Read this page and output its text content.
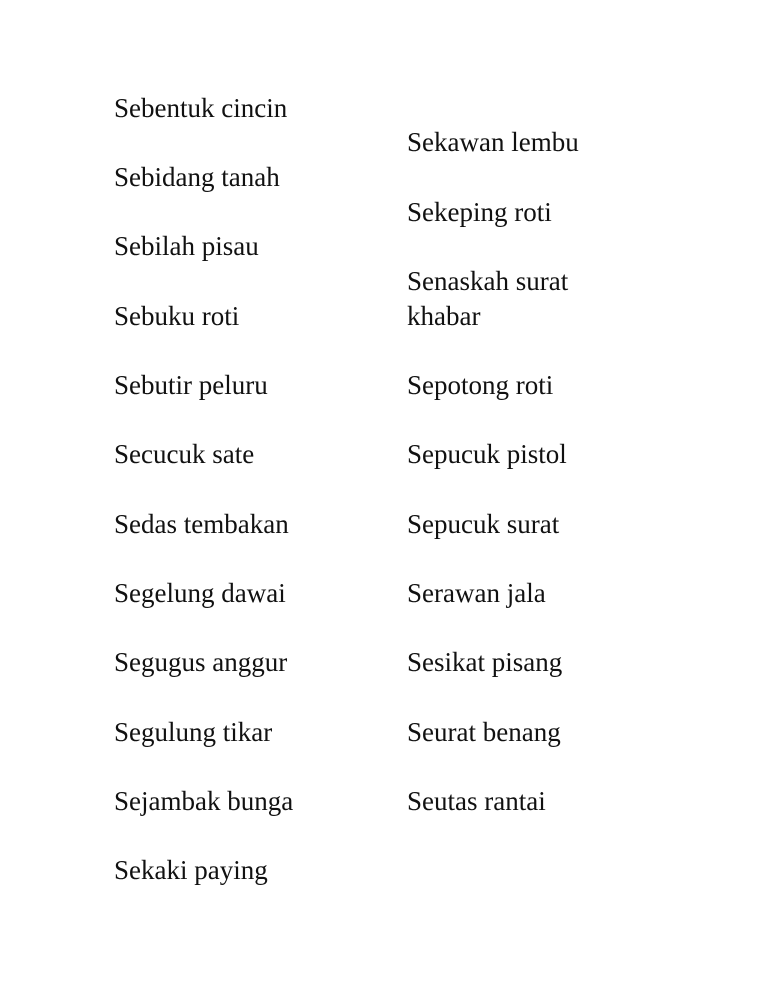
Sebentuk cincin

Sebidang tanah

Sebilah pisau

Sebuku roti

Sebutir peluru

Secucuk sate

Sedas tembakan

Segelung dawai

Segugus anggur

Segulung tikar

Sejambak bunga

Sekaki paying

Sekawan lembu

Sekeping roti

Senaskah surat khabar

Sepotong roti

Sepucuk pistol

Sepucuk surat

Serawan jala

Sesikat pisang

Seurat benang

Seutas rantai
